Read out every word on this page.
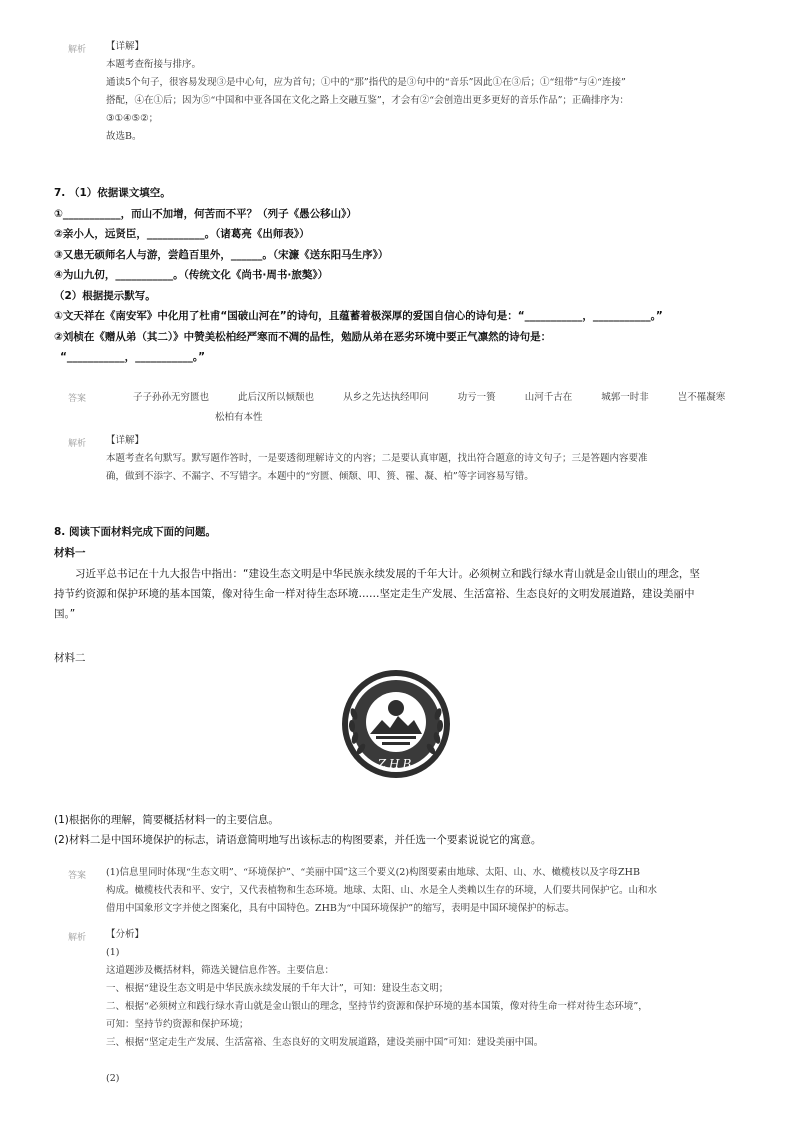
解析 【详解】
本题考查衔接与排序。
通读5个句子，很容易发现③是中心句，应为首句；①中的“那”指代的是③句中的“音乐”因此①在③后；①“纽带”与④“连接”
搭配，④在①后；因为⑤“中国和中亚各国在文化之路上交融互鉴”，才会有②“会创造出更多更好的音乐作品”；正确排序为：
③①④⑤②；
故选B。
7. （1）依据课文填空。
①___________，而山不加增，何苦而不平？（列子《愚公移山》）
②亲小人，远贤臣，___________。（诸葛亮《出师表》）
③又患无硕师名人与游，尝趋百里外，______。（宋濂《送东阳马生序》）
④为山九仞，___________。（传统文化《尚书·周书·旅獒》）
（2）根据提示默写。
①文天祥在《南安军》中化用了杜甫“国破山河在”的诗句，且蕴蓄着极深厚的爱国自信心的诗句是：“___________，___________。”
②刘桢在《赠从弟（其二）》中赞美松柏经严寒而不凋的品性，勉励从弟在恶劣环境中要正气凛然的诗句是：
“___________，___________。”
答案	子子孙孙无穷匮也	此后汉所以倾颓也	从乡之先达执经叩问	功亏一篑	山河千古在	城郭一时非	岂不罹凝寒
松柏有本性
解析 【详解】
本题考查名句默写。默写题作答时，一是要透彻理解诗文的内容；二是要认真审题，找出符合题意的诗文句子；三是答题内容要准
确，做到不添字、不漏字、不写错字。本题中的“穷匮、倾颓、叩、篑、罹、凝、柏”等字词容易写错。
8. 阅读下面材料完成下面的问题。
材料一
习近平总书记在十九大报告中指出：“建设生态文明是中华民族永续发展的千年大计。必须树立和践行绿水青山就是金山银山的理念，坚
持节约资源和保护环境的基本国策，像对待生命一样对待生态环境……坚定走生产发展、生活富裕、生态良好的文明发展道路，建设美丽中
国。”
材料二
ZHB
(1)根据你的理解，简要概括材料一的主要信息。
(2)材料二是中国环境保护的标志，请语意简明地写出该标志的构图要素，并任选一个要素说说它的寓意。
答案 (1)信息里同时体现“生态文明”、“环境保护”、“美丽中国”这三个要义(2)构图要素由地球、太阳、山、水、橄榄枝以及字母ZHB
构成。橄榄枝代表和平、安宁，又代表植物和生态环境。地球、太阳、山、水是全人类赖以生存的环境，人们要共同保护它。山和水
借用中国象形文字并使之图案化，具有中国特色。ZHB为“中国环境保护”的缩写，表明是中国环境保护的标志。
解析 【分析】
(1)
这道题涉及概括材料，筛选关键信息作答。主要信息：
一、根据“建设生态文明是中华民族永续发展的千年大计”，可知：建设生态文明；
二、根据“必须树立和践行绿水青山就是金山银山的理念，坚持节约资源和保护环境的基本国策，像对待生命一样对待生态环境”，
可知：坚持节约资源和保护环境；
三、根据“坚定走生产发展、生活富裕、生态良好的文明发展道路，建设美丽中国”可知：建设美丽中国。
(2)
